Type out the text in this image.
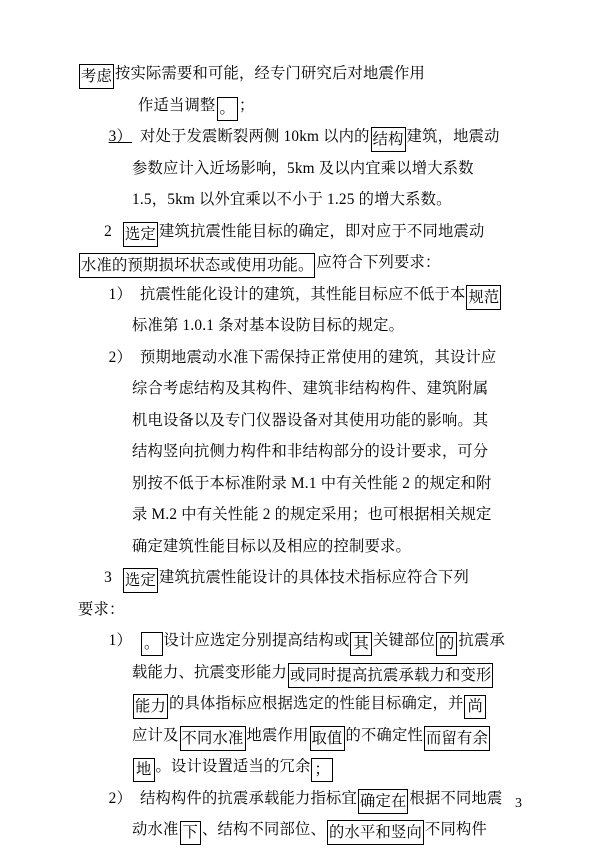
考虑 按实际需要和可能，经专门研究后对地震作用
作适当调整 。 ；
3） 对处于发震断裂两侧 10km 以内的 结构 建筑，地震动
参数应计入近场影响，5km 及以内宜乘以增大系数
1.5，5km 以外宜乘以不小于 1.25 的增大系数。
2 选定 建筑抗震性能目标的确定，即对应于不同地震动
水准的预期损坏状态或使用功能。 应符合下列要求：
1） 抗震性能化设计的建筑，其性能目标应不低于本 规范
标准第 1.0.1 条对基本设防目标的规定。
2） 预期地震动水准下需保持正常使用的建筑，其设计应
综合考虑结构及其构件、建筑非结构构件、建筑附属
机电设备以及专门仪器设备对其使用功能的影响。其
结构竖向抗侧力构件和非结构部分的设计要求，可分
别按不低于本标准附录 M.1 中有关性能 2 的规定和附
录 M.2 中有关性能 2 的规定采用；也可根据相关规定
确定建筑性能目标以及相应的控制要求。
3 选定 建筑抗震性能设计的具体技术指标应符合下列
要求：
1） 。 设计应选定分别提高结构或 其 关键部位 的 抗震承
载能力、抗震变形能力 或同时提高抗震承载力和变形
能力 的具体指标应根据选定的性能目标确定，并 尚
应计及 不同水准 地震作用 取值 的不确定性 而留有余
地 。设计设置适当的冗余 ；
2） 结构构件的抗震承载能力指标宜 确定在 根据不同地震
动水准 下 、结构不同部位、 的水平和竖向 不同构件
3
